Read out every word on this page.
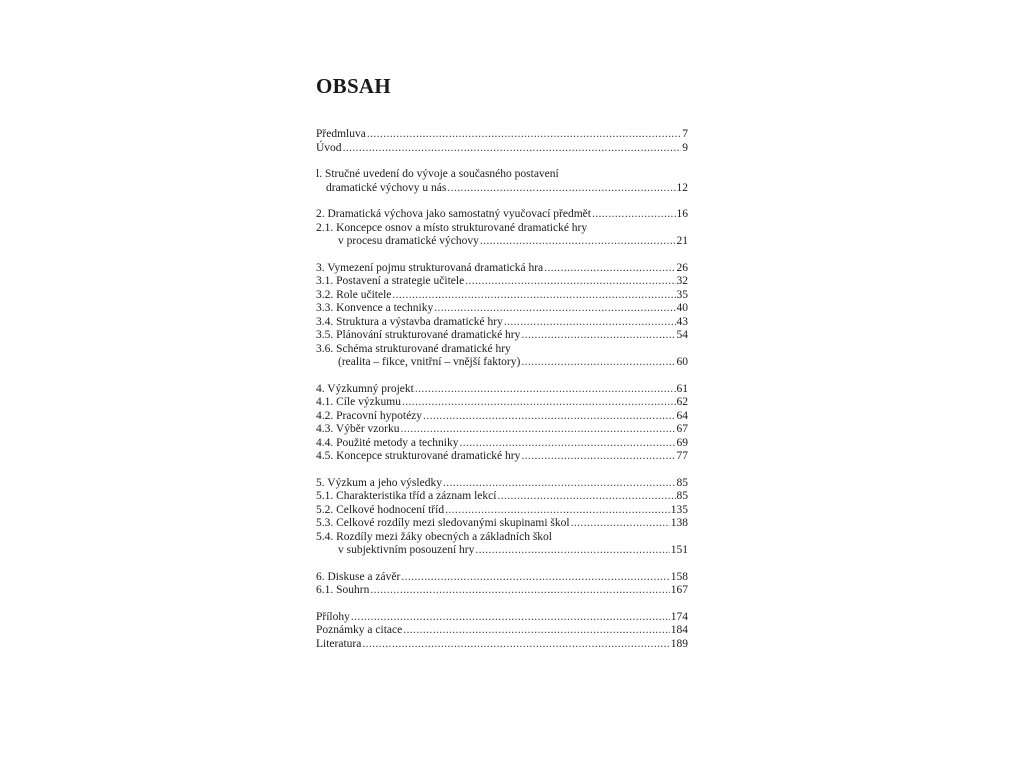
OBSAH
Předmluva .....	7
Úvod .....	9
l. Stručné uvedení do vývoje a současného postavení
dramatické výchovy u nás .....	12
2. Dramatická výchova jako samostatný vyučovací předmět .....	16
2.1. Koncepce osnov a místo strukturované dramatické hry
v procesu dramatické výchovy .....	21
3. Vymezení pojmu strukturovaná dramatická hra .....	26
3.1. Postavení a strategie učitele .....	32
3.2. Role učitele .....	35
3.3. Konvence a techniky .....	40
3.4. Struktura a výstavba dramatické hry .....	43
3.5. Plánování strukturované dramatické hry .....	54
3.6. Schéma strukturované dramatické hry
(realita – fikce, vnitřní – vnější faktory) .....	60
4. Výzkumný projekt .....	61
4.1. Cíle výzkumu .....	62
4.2. Pracovní hypotézy .....	64
4.3. Výběr vzorku .....	67
4.4. Použité metody a techniky .....	69
4.5. Koncepce strukturované dramatické hry .....	77
5. Výzkum a jeho výsledky .....	85
5.1. Charakteristika tříd a záznam lekcí .....	85
5.2. Celkové hodnocení tříd .....	135
5.3. Celkové rozdíly mezi sledovanými skupinami škol .....	138
5.4. Rozdíly mezi žáky obecných a základních škol
v subjektivním posouzení hry .....	151
6. Diskuse a závěr .....	158
6.1. Souhrn .....	167
Přílohy .....	174
Poznámky a citace .....	184
Literatura .....	189
